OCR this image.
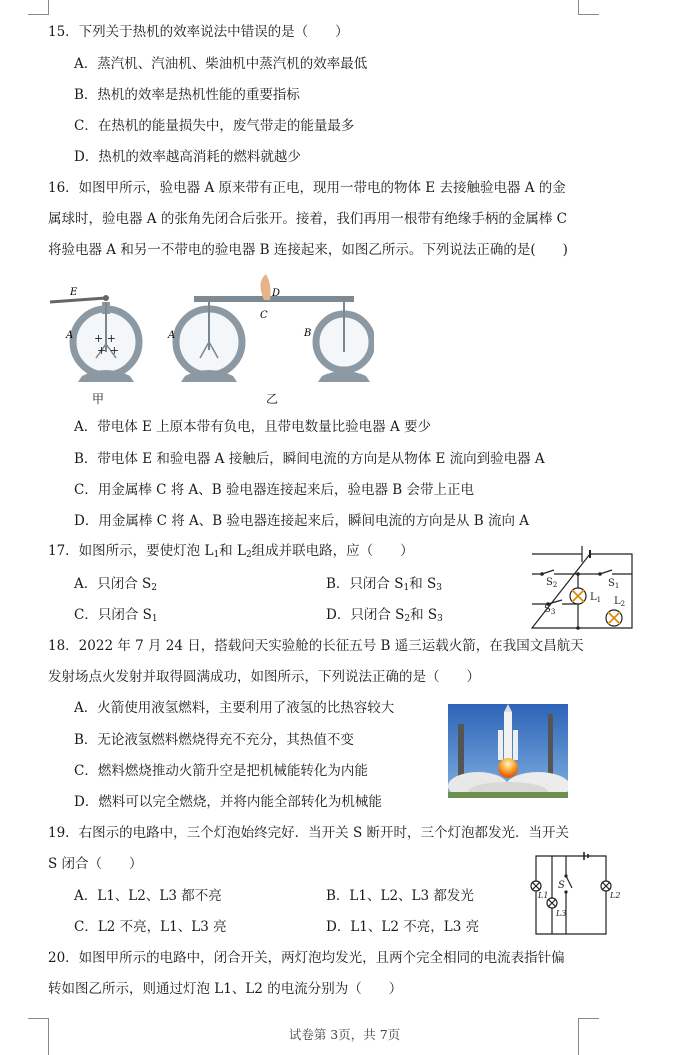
15．下列关于热机的效率说法中错误的是（　　）
A．蒸汽机、汽油机、柴油机中蒸汽机的效率最低
B．热机的效率是热机性能的重要指标
C．在热机的能量损失中，废气带走的能量最多
D．热机的效率越高消耗的燃料就越少
16．如图甲所示，验电器 A 原来带有正电，现用一带电的物体 E 去接触验电器 A 的金
属球时，验电器 A 的张角先闭合后张开。接着，我们再用一根带有绝缘手柄的金属棒 C
将验电器 A 和另一不带电的验电器 B 连接起来，如图乙所示。下列说法正确的是(　　)
E
A + +
+ +
D
C
A	B
甲	乙
A．带电体 E 上原本带有负电，且带电数量比验电器 A 要少
B．带电体 E 和验电器 A 接触后，瞬间电流的方向是从物体 E 流向到验电器 A
C．用金属棒 C 将 A、B 验电器连接起来后，验电器 B 会带上正电
D．用金属棒 C 将 A、B 验电器连接起来后，瞬间电流的方向是从 B 流向 A
17．如图所示，要使灯泡 $L_1$和 $L_2$组成并联电路，应（　　）
A．只闭合 $S_2$	B．只闭合 $S_1$和 $S_3$
C．只闭合 $S_1$	D．只闭合 $S_2$和 $S_3$
$S_2$	$S_1$
$S_3$
$L_1$ $L_2$
18．2022 年 7 月 24 日，搭载问天实验舱的长征五号 B 遥三运载火箭，在我国文昌航天
发射场点火发射并取得圆满成功，如图所示，下列说法正确的是（　　）
A．火箭使用液氢燃料，主要利用了液氢的比热容较大
B．无论液氢燃料燃烧得充不充分，其热值不变
C．燃料燃烧推动火箭升空是把机械能转化为内能
D．燃料可以完全燃烧，并将内能全部转化为机械能
19．右图示的电路中，三个灯泡始终完好．当开关 S 断开时，三个灯泡都发光．当开关
S 闭合（　　）
A．L1、L2、L3 都不亮	B．L1、L2、L3 都发光
C．L2 不亮，L1、L3 亮	D．L1、L2 不亮，L3 亮
S
L1
L3
L2
20．如图甲所示的电路中，闭合开关，两灯泡均发光，且两个完全相同的电流表指针偏
转如图乙所示，则通过灯泡 L1、L2 的电流分别为（　　）
试卷第 3页，共 7页
